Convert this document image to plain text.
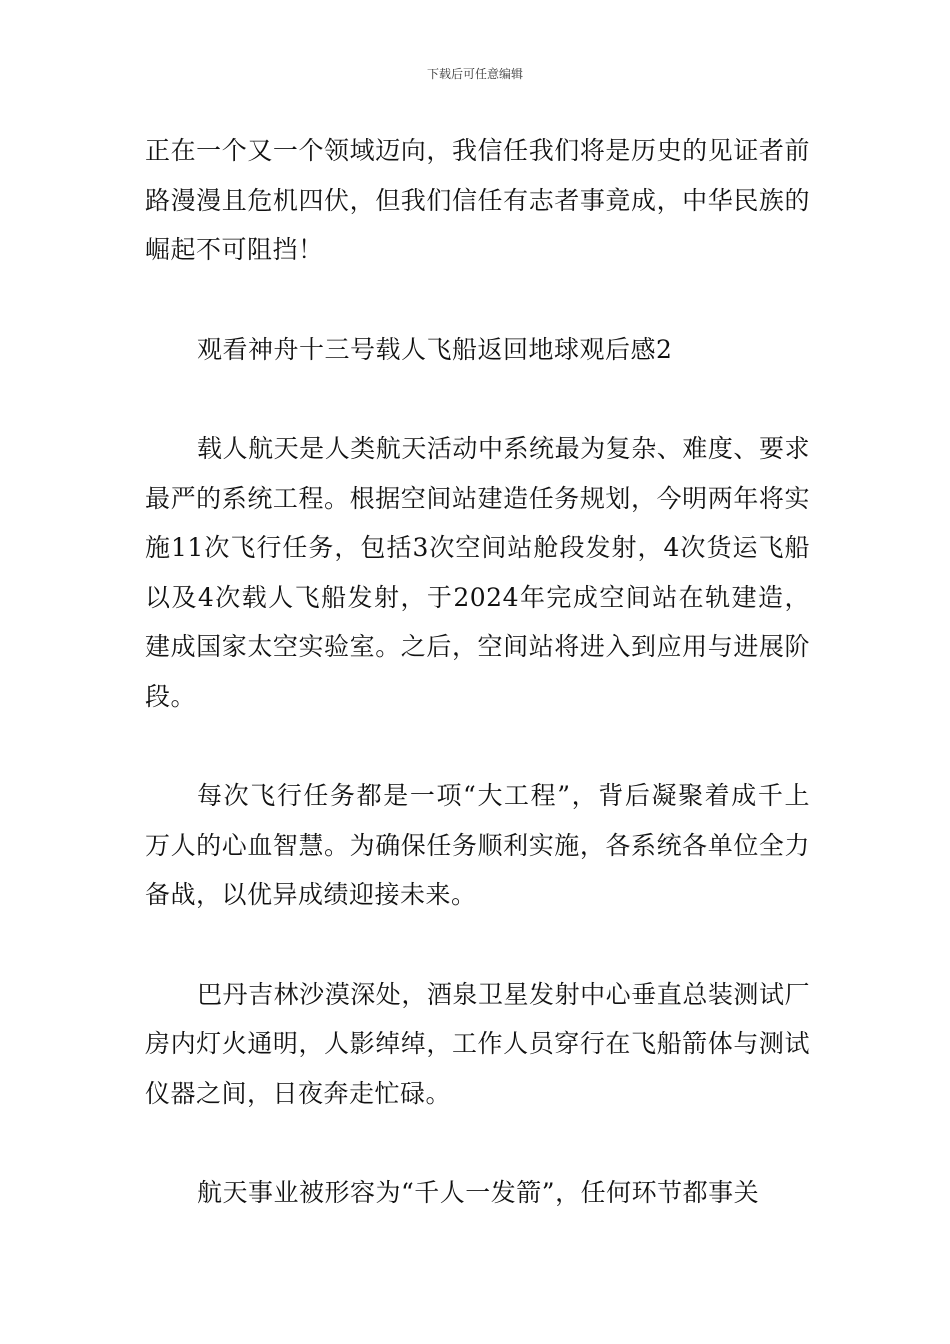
下载后可任意编辑

正在一个又一个领域迈向，我信任我们将是历史的见证者前路漫漫且危机四伏，但我们信任有志者事竟成，中华民族的崛起不可阻挡！

观看神舟十三号载人飞船返回地球观后感2

载人航天是人类航天活动中系统最为复杂、难度、要求最严的系统工程。根据空间站建造任务规划，今明两年将实施11次飞行任务，包括3次空间站舱段发射，4次货运飞船以及4次载人飞船发射，于2024年完成空间站在轨建造，建成国家太空实验室。之后，空间站将进入到应用与进展阶段。

每次飞行任务都是一项“大工程”，背后凝聚着成千上万人的心血智慧。为确保任务顺利实施，各系统各单位全力备战，以优异成绩迎接未来。

巴丹吉林沙漠深处，酒泉卫星发射中心垂直总装测试厂房内灯火通明，人影绰绰，工作人员穿行在飞船箭体与测试仪器之间，日夜奔走忙碌。

航天事业被形容为“千人一发箭”，任何环节都事关
